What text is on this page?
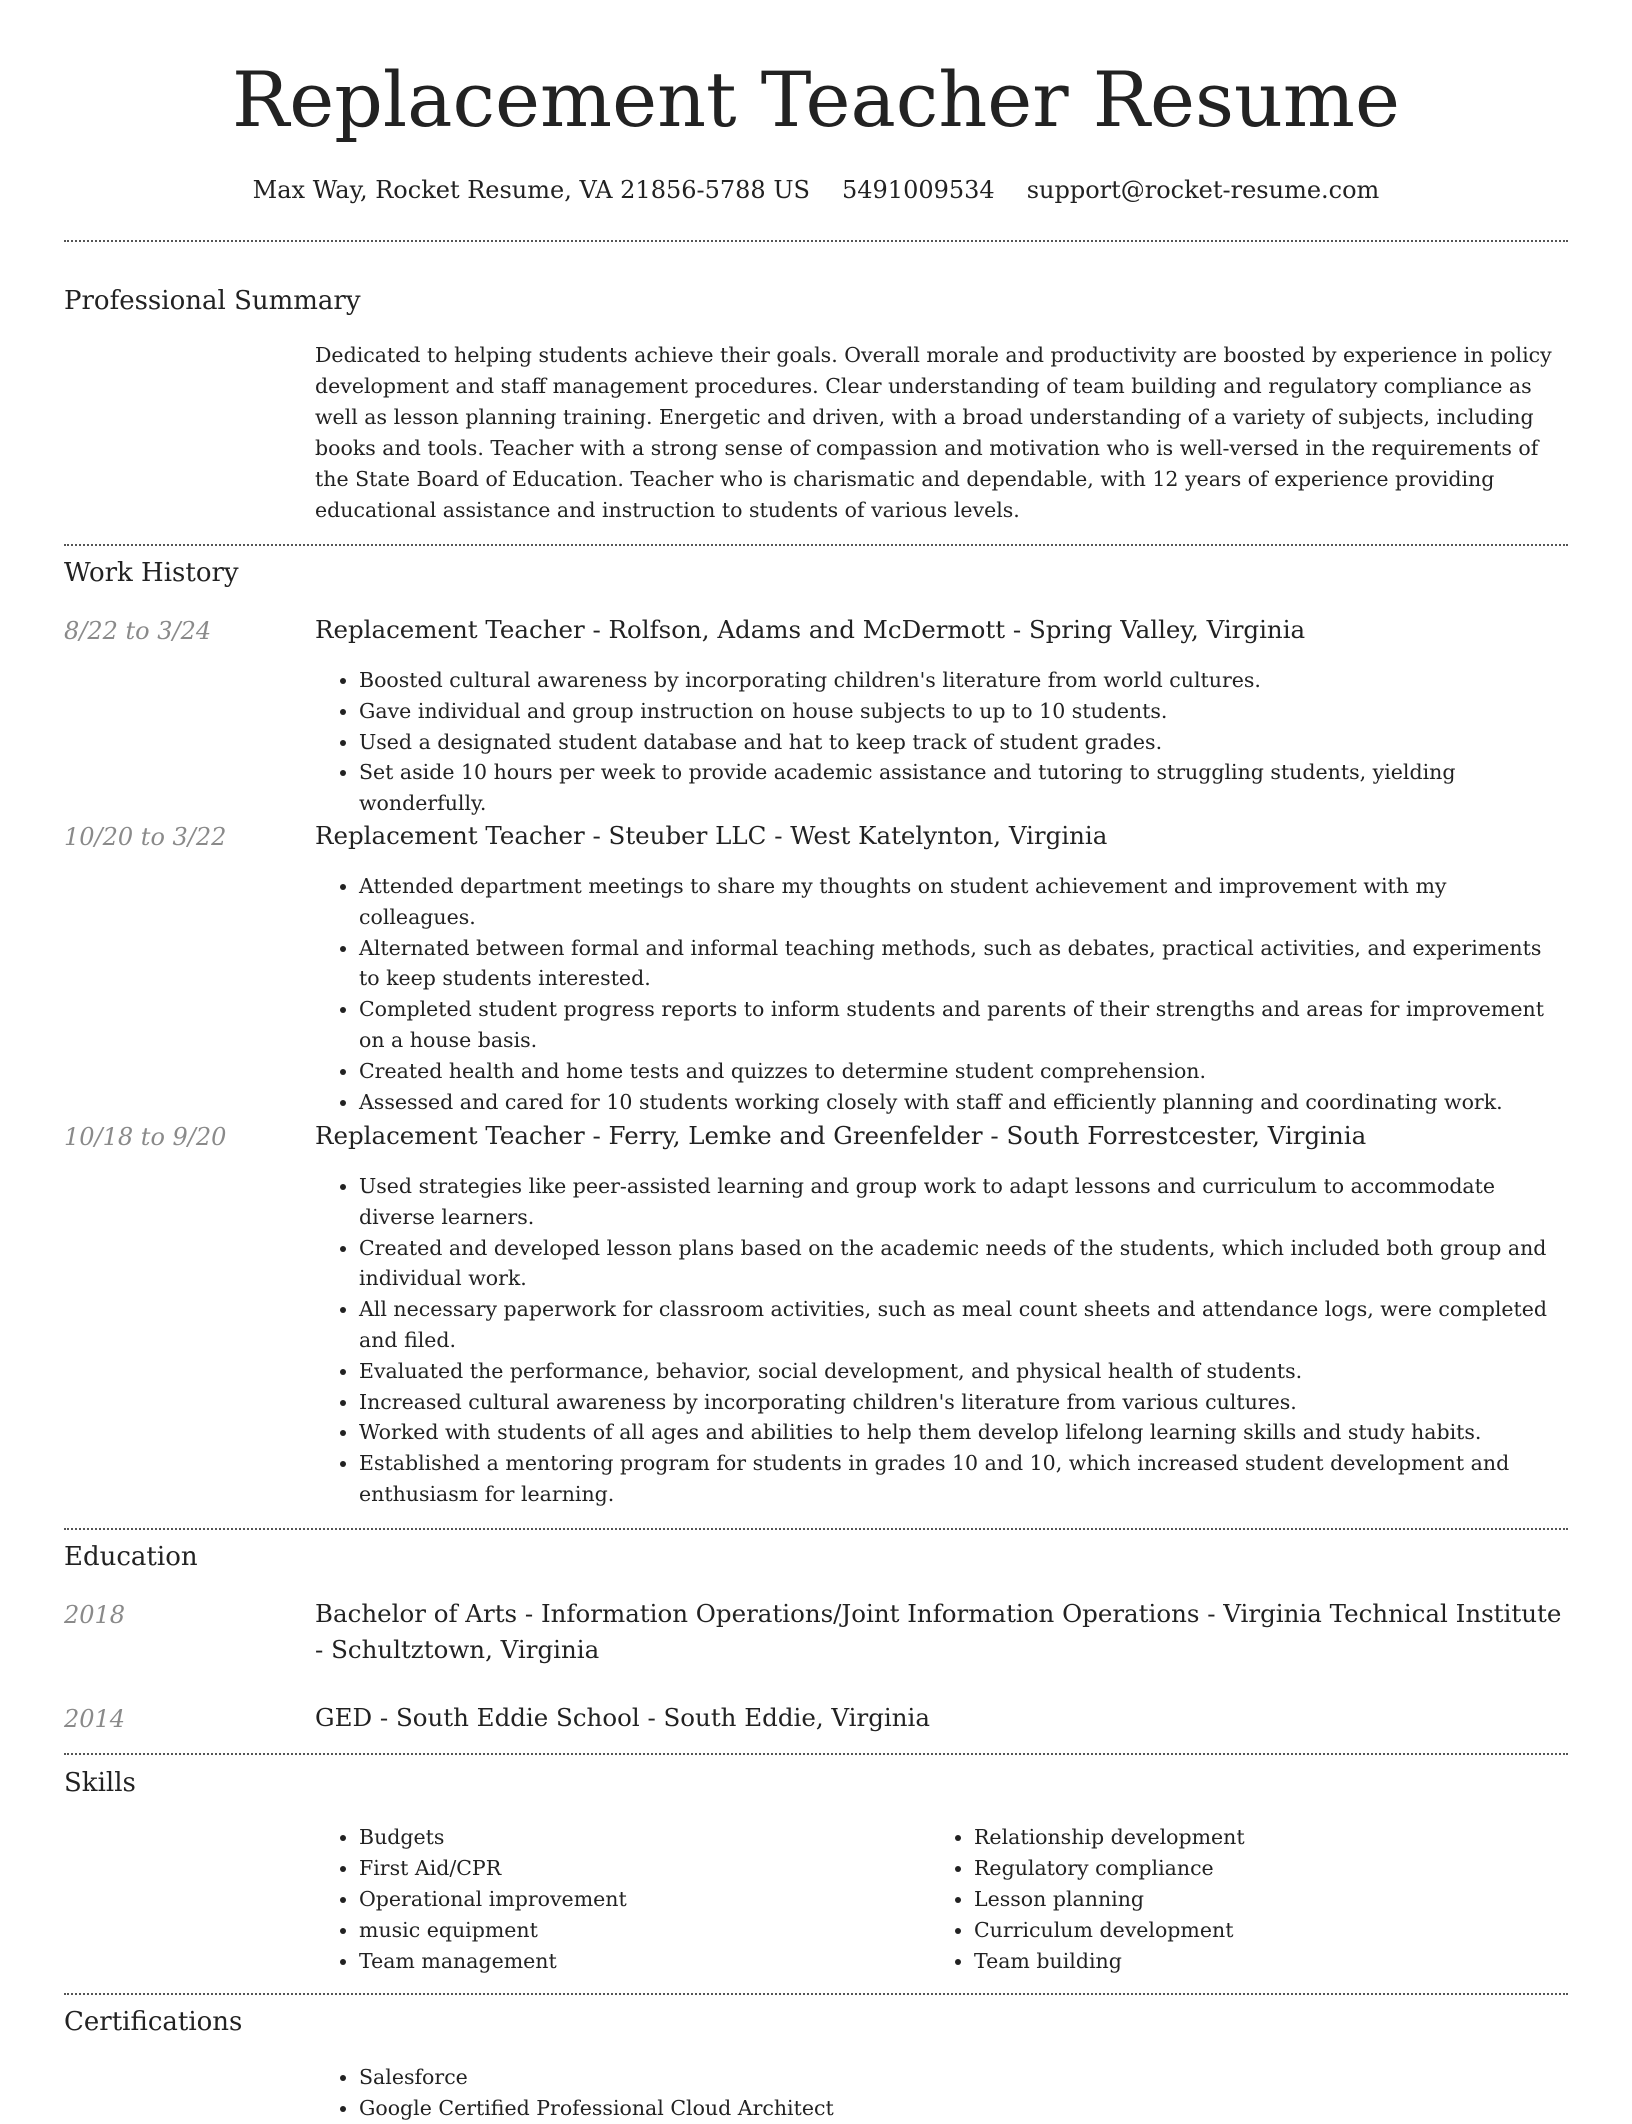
Replacement Teacher Resume
Max Way, Rocket Resume, VA 21856-5788 US 5491009534 support@rocket-resume.com
Professional Summary

Dedicated to helping students achieve their goals. Overall morale and productivity are boosted by experience in policy development and staff management procedures. Clear understanding of team building and regulatory compliance as well as lesson planning training. Energetic and driven, with a broad understanding of a variety of subjects, including books and tools. Teacher with a strong sense of compassion and motivation who is well-versed in the requirements of the State Board of Education. Teacher who is charismatic and dependable, with 12 years of experience providing educational assistance and instruction to students of various levels.

Work History
8/22 to 3/24	Replacement Teacher - Rolfson, Adams and McDermott - Spring Valley, Virginia
• Boosted cultural awareness by incorporating children's literature from world cultures.
• Gave individual and group instruction on house subjects to up to 10 students.
• Used a designated student database and hat to keep track of student grades.
• Set aside 10 hours per week to provide academic assistance and tutoring to struggling students, yielding wonderfully.
10/20 to 3/22	Replacement Teacher - Steuber LLC - West Katelynton, Virginia
• Attended department meetings to share my thoughts on student achievement and improvement with my colleagues.
• Alternated between formal and informal teaching methods, such as debates, practical activities, and experiments to keep students interested.
• Completed student progress reports to inform students and parents of their strengths and areas for improvement on a house basis.
• Created health and home tests and quizzes to determine student comprehension.
• Assessed and cared for 10 students working closely with staff and efficiently planning and coordinating work.
10/18 to 9/20	Replacement Teacher - Ferry, Lemke and Greenfelder - South Forrestcester, Virginia
• Used strategies like peer-assisted learning and group work to adapt lessons and curriculum to accommodate diverse learners.
• Created and developed lesson plans based on the academic needs of the students, which included both group and individual work.
• All necessary paperwork for classroom activities, such as meal count sheets and attendance logs, were completed and filed.
• Evaluated the performance, behavior, social development, and physical health of students.
• Increased cultural awareness by incorporating children's literature from various cultures.
• Worked with students of all ages and abilities to help them develop lifelong learning skills and study habits.
• Established a mentoring program for students in grades 10 and 10, which increased student development and enthusiasm for learning.
Education
2018	Bachelor of Arts - Information Operations/Joint Information Operations - Virginia Technical Institute - Schultztown, Virginia
2014	GED - South Eddie School - South Eddie, Virginia
Skills
• Budgets
• First Aid/CPR
• Operational improvement
• music equipment
• Team management
• Relationship development
• Regulatory compliance
• Lesson planning
• Curriculum development
• Team building
Certifications
• Salesforce
• Google Certified Professional Cloud Architect
